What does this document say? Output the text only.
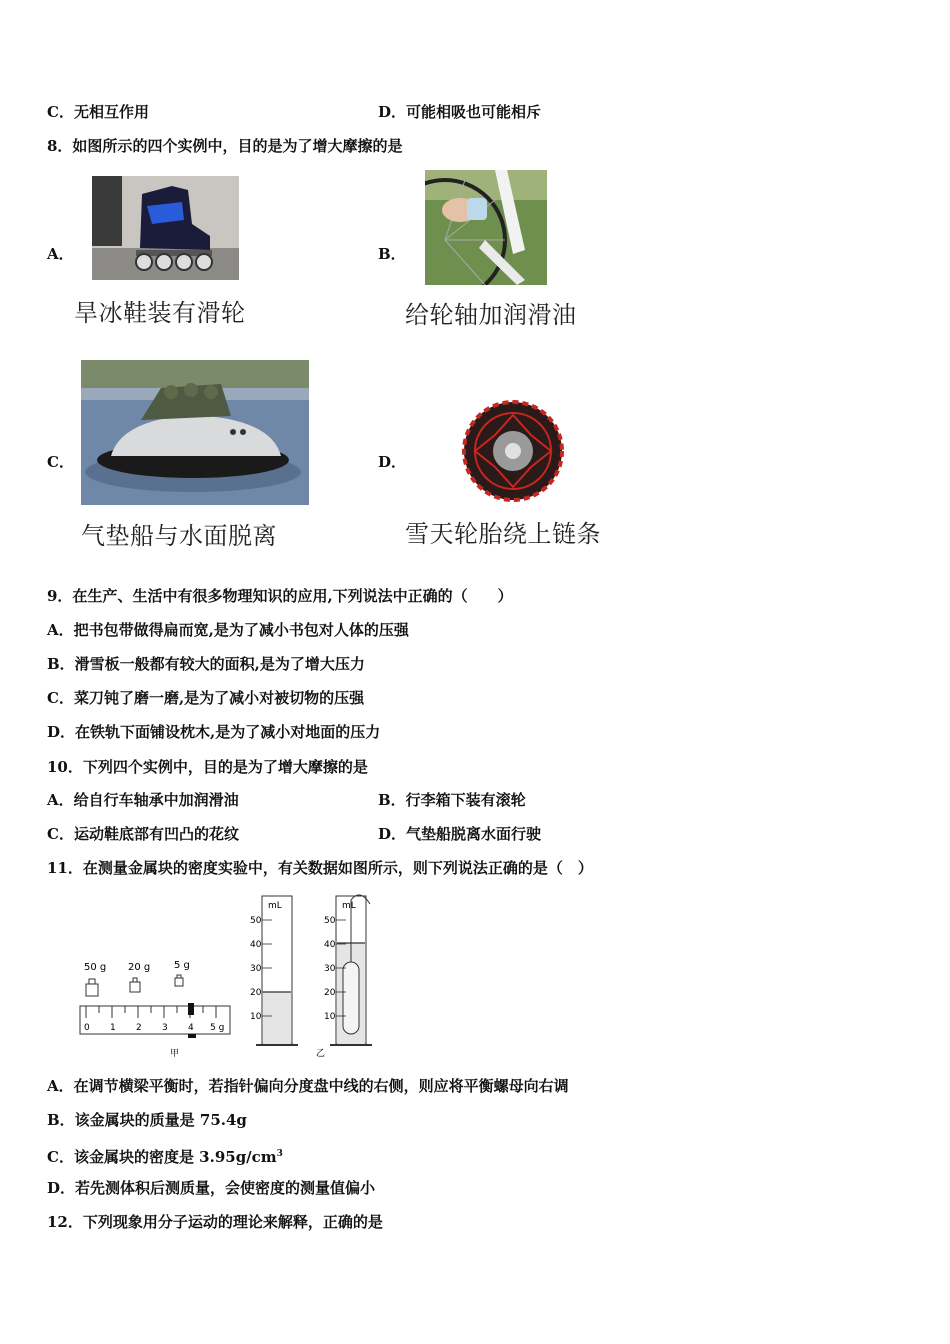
C．无相互作用	D．可能相吸也可能相斥
8．如图所示的四个实例中，目的是为了增大摩擦的是
A．
旱冰鞋装有滑轮
B．
给轮轴加润滑油
C．
气垫船与水面脱离
D．
雪天轮胎绕上链条
9．在生产、生活中有很多物理知识的应用,下列说法中正确的（　　）
A．把书包带做得扁而宽,是为了减小书包对人体的压强
B．滑雪板一般都有较大的面积,是为了增大压力
C．菜刀钝了磨一磨,是为了减小对被切物的压强
D．在铁轨下面铺设枕木,是为了减小对地面的压力
10．下列四个实例中，目的是为了增大摩擦的是
A．给自行车轴承中加润滑油	B．行李箱下装有滚轮
C．运动鞋底部有凹凸的花纹	D．气垫船脱离水面行驶
11．在测量金属块的密度实验中，有关数据如图所示，则下列说法正确的是（　）
50 g 20 g 5 g
0 1 2 3 4 5 g
甲
mL
50
40
30
20
10
mL
50
40
30
20
10
乙
A．在调节横梁平衡时，若指针偏向分度盘中线的右侧，则应将平衡螺母向右调
B．该金属块的质量是 75.4g
C．该金属块的密度是 $3.95g/cm^3$
D．若先测体积后测质量，会使密度的测量值偏小
12．下列现象用分子运动的理论来解释，正确的是
